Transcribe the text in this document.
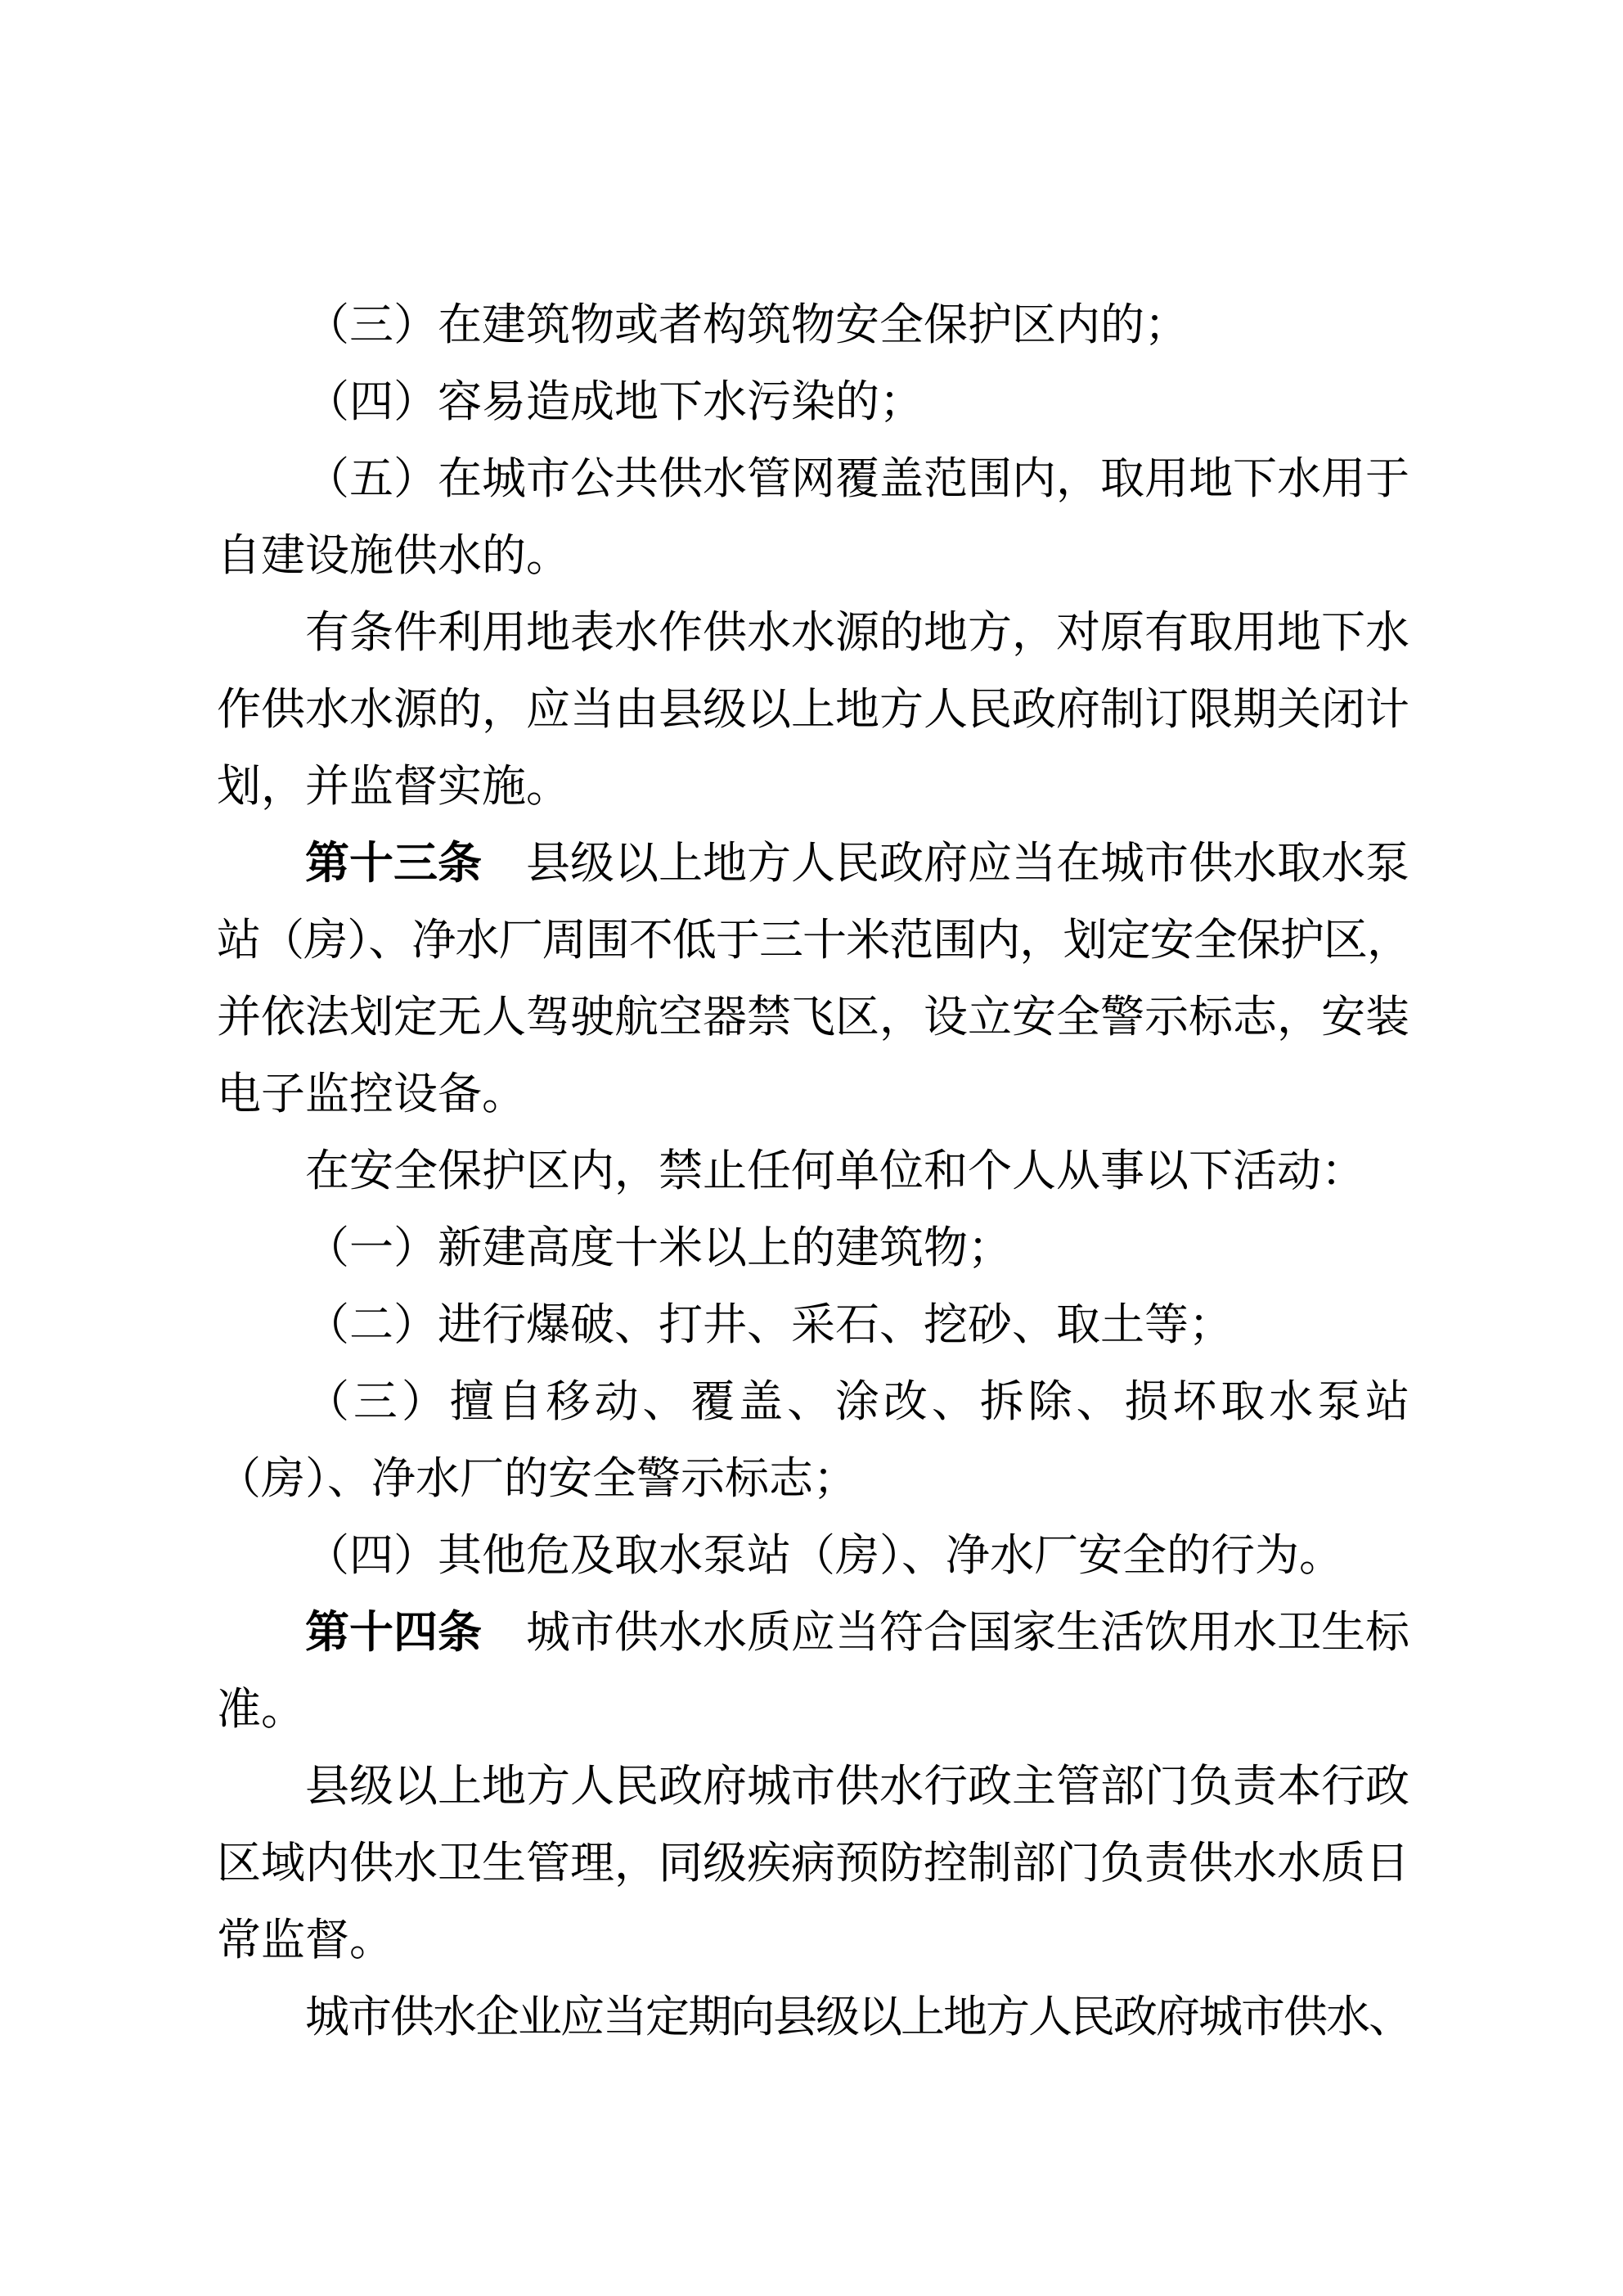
（三）在建筑物或者构筑物安全保护区内的；
（四）容易造成地下水污染的；
（五）在城市公共供水管网覆盖范围内，取用地下水用于
自建设施供水的。
有条件利用地表水作供水水源的地方，对原有取用地下水
作供水水源的，应当由县级以上地方人民政府制订限期关闭计
划，并监督实施。
第十三条　县级以上地方人民政府应当在城市供水取水泵
站（房）、净水厂周围不低于三十米范围内，划定安全保护区，
并依法划定无人驾驶航空器禁飞区，设立安全警示标志，安装
电子监控设备。
在安全保护区内，禁止任何单位和个人从事以下活动：
（一）新建高度十米以上的建筑物；
（二）进行爆破、打井、采石、挖砂、取土等；
（三）擅自移动、覆盖、涂改、拆除、损坏取水泵站
（房）、净水厂的安全警示标志；
（四）其他危及取水泵站（房）、净水厂安全的行为。
第十四条　城市供水水质应当符合国家生活饮用水卫生标
准。
县级以上地方人民政府城市供水行政主管部门负责本行政
区域内供水卫生管理，同级疾病预防控制部门负责供水水质日
常监督。
城市供水企业应当定期向县级以上地方人民政府城市供水、
